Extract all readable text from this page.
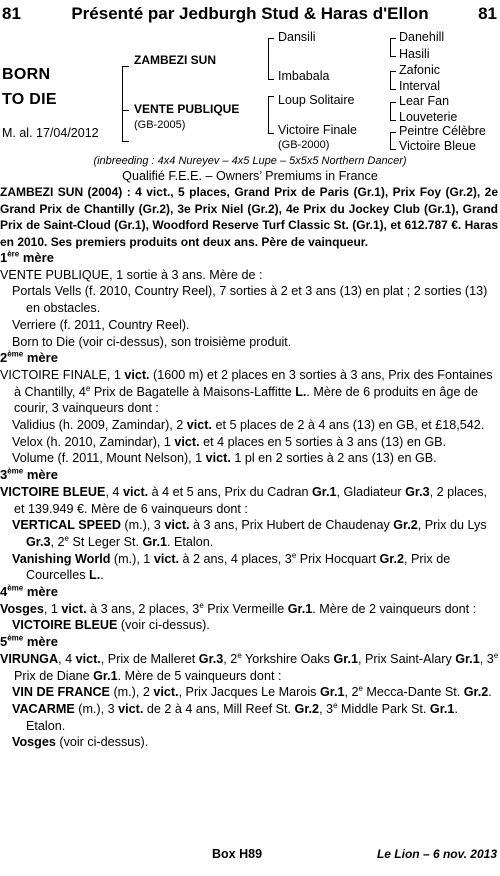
81	Présenté par Jedburgh Stud & Haras d'Ellon	81
BORN
TO DIE
M. al. 17/04/2012
ZAMBEZI SUN
VENTE PUBLIQUE
(GB-2005)
Dansili
Imbabala
Loup Solitaire
Victoire Finale
(GB-2000)
Danehill
Hasili
Zafonic
Interval
Lear Fan
Louveterie
Peintre Célèbre
Victoire Bleue
(inbreeding : 4x4 Nureyev – 4x5 Lupe – 5x5x5 Northern Dancer)
Qualifié F.E.E. – Owners’ Premiums in France

ZAMBEZI SUN (2004) : 4 vict., 5 places, Grand Prix de Paris (Gr.1), Prix Foy (Gr.2), 2e Grand Prix de Chantilly (Gr.2), 3e Prix Niel (Gr.2), 4e Prix du Jockey Club (Gr.1), Grand Prix de Saint-Cloud (Gr.1), Woodford Reserve Turf Classic St. (Gr.1), et 612.787 €. Haras en 2010. Ses premiers produits ont deux ans. Père de vainqueur.

1ère mère

VENTE PUBLIQUE, 1 sortie à 3 ans. Mère de :

Portals Vells (f. 2010, Country Reel), 7 sorties à 2 et 3 ans (13) en plat ; 2 sorties (13) en obstacles.

Verriere (f. 2011, Country Reel).

Born to Die (voir ci-dessus), son troisième produit.

2ème mère

VICTOIRE FINALE, 1 vict. (1600 m) et 2 places en 3 sorties à 3 ans, Prix des Fontaines à Chantilly, 4e Prix de Bagatelle à Maisons-Laffitte L.. Mère de 6 produits en âge de courir, 3 vainqueurs dont :

Validius (h. 2009, Zamindar), 2 vict. et 5 places de 2 à 4 ans (13) en GB, et £18,542.

Velox (h. 2010, Zamindar), 1 vict. et 4 places en 5 sorties à 3 ans (13) en GB.

Volume (f. 2011, Mount Nelson), 1 vict. 1 pl en 2 sorties à 2 ans (13) en GB.

3ème mère

VICTOIRE BLEUE, 4 vict. à 4 et 5 ans, Prix du Cadran Gr.1, Gladiateur Gr.3, 2 places, et 139.949 €. Mère de 6 vainqueurs dont :

VERTICAL SPEED (m.), 3 vict. à 3 ans, Prix Hubert de Chaudenay Gr.2, Prix du Lys Gr.3, 2e St Leger St. Gr.1. Etalon.

Vanishing World (m.), 1 vict. à 2 ans, 4 places, 3e Prix Hocquart Gr.2, Prix de Courcelles L..

4ème mère

Vosges, 1 vict. à 3 ans, 2 places, 3e Prix Vermeille Gr.1. Mère de 2 vainqueurs dont :

VICTOIRE BLEUE (voir ci-dessus).

5ème mère

VIRUNGA, 4 vict., Prix de Malleret Gr.3, 2e Yorkshire Oaks Gr.1, Prix Saint-Alary Gr.1, 3e Prix de Diane Gr.1. Mère de 5 vainqueurs dont :

VIN DE FRANCE (m.), 2 vict., Prix Jacques Le Marois Gr.1, 2e Mecca-Dante St. Gr.2.

VACARME (m.), 3 vict. de 2 à 4 ans, Mill Reef St. Gr.2, 3e Middle Park St. Gr.1. Etalon.

Vosges (voir ci-dessus).

Box H89	Le Lion – 6 nov. 2013
